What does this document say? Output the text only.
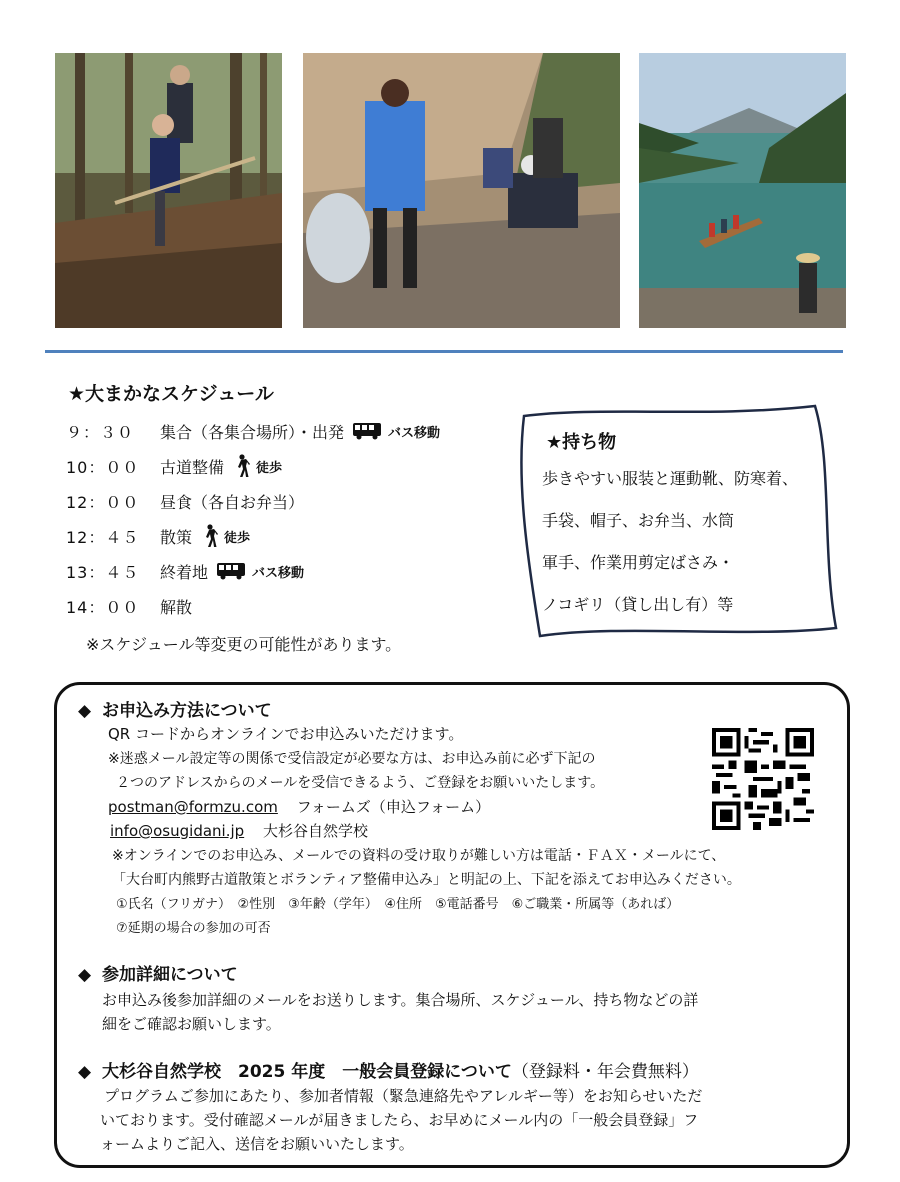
★大まかなスケジュール
９：３０	集合（各集合場所）・出発	バス移動
10：００	古道整備 徒歩
12：００	昼食（各自お弁当）
12：４５	散策 徒歩
13：４５	終着地	バス移動
14：００	解散
※スケジュール等変更の可能性があります。
★持ち物
歩きやすい服装と運動靴、防寒着、
手袋、帽子、お弁当、水筒
軍手、作業用剪定ばさみ・
ノコギリ（貸し出し有）等
◆ お申込み方法について
QR コードからオンラインでお申込みいただけます。
※迷惑メール設定等の関係で受信設定が必要な方は、お申込み前に必ず下記の
２つのアドレスからのメールを受信できるよう、ご登録をお願いいたします。
postman@formzu.com フォームズ（申込フォーム）
info@osugidani.jp 大杉谷自然学校
※オンラインでのお申込み、メールでの資料の受け取りが難しい方は電話・ＦＡＸ・メールにて、
「大台町内熊野古道散策とボランティア整備申込み」と明記の上、下記を添えてお申込みください。
①氏名（フリガナ）　②性別　③年齢（学年）　④住所　⑤電話番号　⑥ご職業・所属等（あれば）
⑦延期の場合の参加の可否
◆ 参加詳細について
お申込み後参加詳細のメールをお送りします。集合場所、スケジュール、持ち物などの詳
細をご確認お願いします。
◆ 大杉谷自然学校　2025 年度　一般会員登録について（登録料・年会費無料）
プログラムご参加にあたり、参加者情報（緊急連絡先やアレルギー等）をお知らせいただ
いております。受付確認メールが届きましたら、お早めにメール内の「一般会員登録」フ
ォームよりご記入、送信をお願いいたします。
